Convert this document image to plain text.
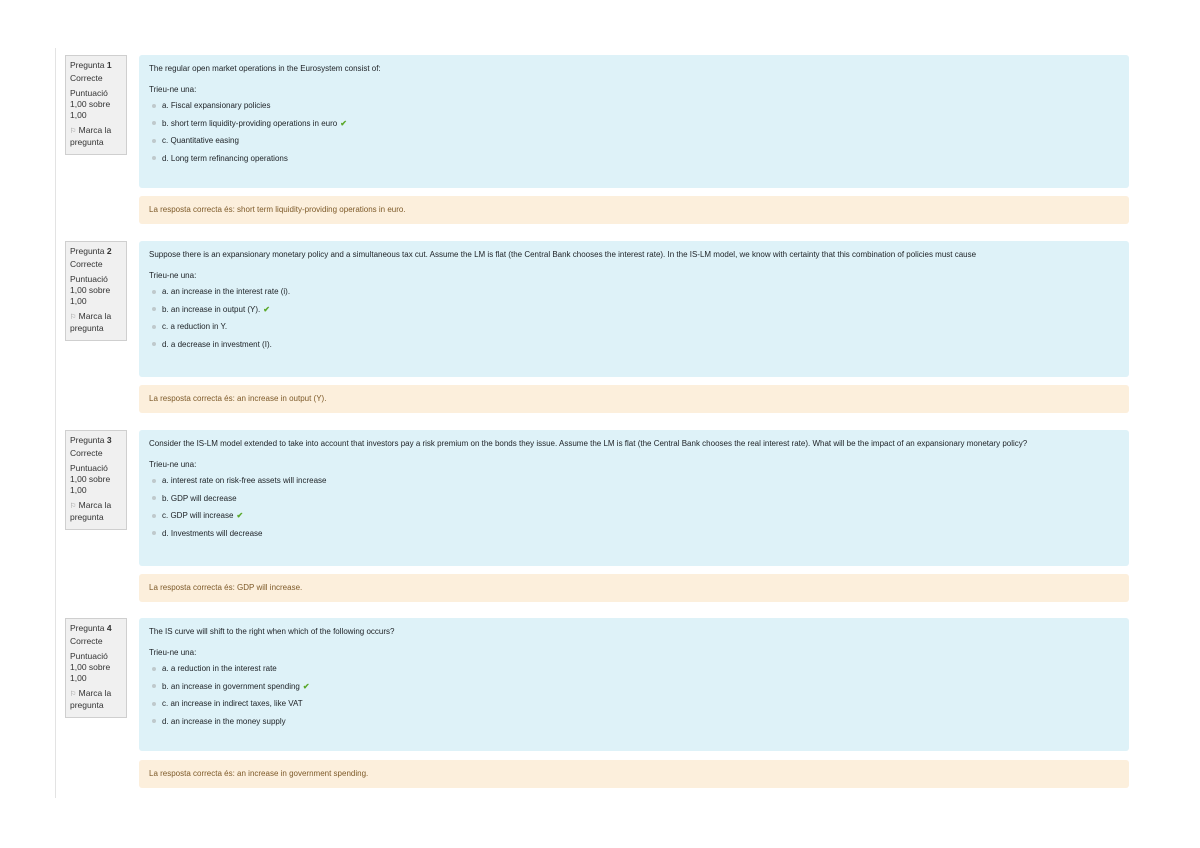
Pregunta 1
Correcte
Puntuació 1,00 sobre 1,00
⚐ Marca la pregunta
The regular open market operations in the Eurosystem consist of:
Trieu-ne una:
a. Fiscal expansionary policies
b. short term liquidity-providing operations in euro ✔
c. Quantitative easing
d. Long term refinancing operations
La resposta correcta és: short term liquidity-providing operations in euro.
Pregunta 2
Correcte
Puntuació 1,00 sobre 1,00
⚐ Marca la pregunta
Suppose there is an expansionary monetary policy and a simultaneous tax cut. Assume the LM is flat (the Central Bank chooses the interest rate). In the IS-LM model, we know with certainty that this combination of policies must cause
Trieu-ne una:
a. an increase in the interest rate (i).
b. an increase in output (Y). ✔
c. a reduction in Y.
d. a decrease in investment (I).
La resposta correcta és: an increase in output (Y).
Pregunta 3
Correcte
Puntuació 1,00 sobre 1,00
⚐ Marca la pregunta
Consider the IS-LM model extended to take into account that investors pay a risk premium on the bonds they issue. Assume the LM is flat (the Central Bank chooses the real interest rate). What will be the impact of an expansionary monetary policy?
Trieu-ne una:
a. interest rate on risk-free assets will increase
b. GDP will decrease
c. GDP will increase ✔
d. Investments will decrease
La resposta correcta és: GDP will increase.
Pregunta 4
Correcte
Puntuació 1,00 sobre 1,00
⚐ Marca la pregunta
The IS curve will shift to the right when which of the following occurs?
Trieu-ne una:
a. a reduction in the interest rate
b. an increase in government spending ✔
c. an increase in indirect taxes, like VAT
d. an increase in the money supply
La resposta correcta és: an increase in government spending.
